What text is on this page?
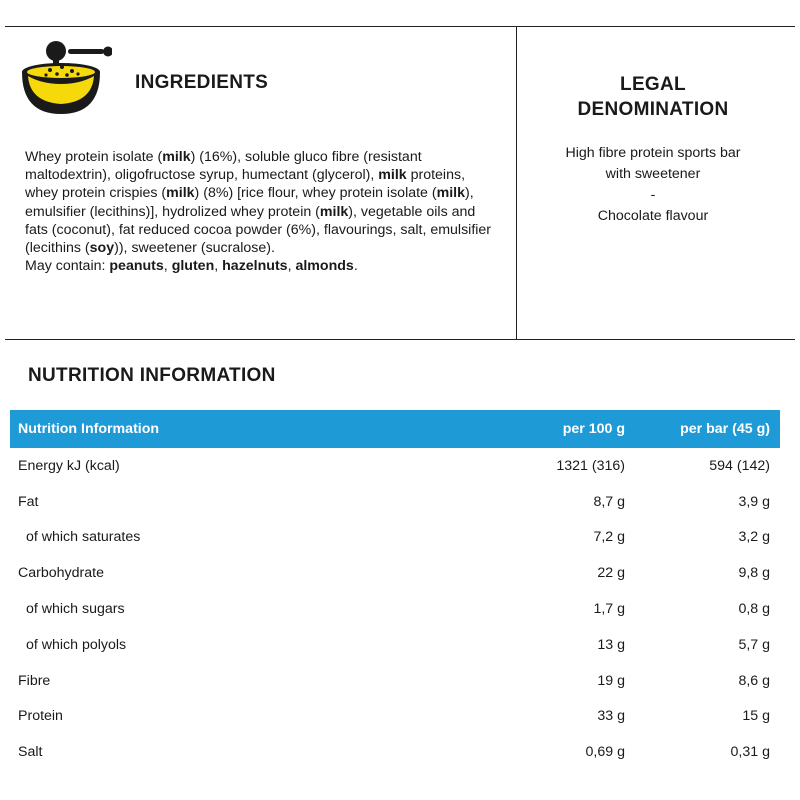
INGREDIENTS
Whey protein isolate (milk) (16%), soluble gluco fibre (resistant maltodextrin), oligofructose syrup, humectant (glycerol), milk proteins, whey protein crispies (milk) (8%) [rice flour, whey protein isolate (milk), emulsifier (lecithins)], hydrolized whey protein (milk), vegetable oils and fats (coconut), fat reduced cocoa powder (6%), flavourings, salt, emulsifier (lecithins (soy)), sweetener (sucralose).
May contain: peanuts, gluten, hazelnuts, almonds.
LEGAL
DENOMINATION
High fibre protein sports bar
with sweetener
-
Chocolate flavour
NUTRITION INFORMATION
Nutrition Information	per 100 g	per bar (45 g)
Energy kJ (kcal)	1321 (316)	594 (142)
Fat	8,7 g	3,9 g
of which saturates	7,2 g	3,2 g
Carbohydrate	22 g	9,8 g
of which sugars	1,7 g	0,8 g
of which polyols	13 g	5,7 g
Fibre	19 g	8,6 g
Protein	33 g	15 g
Salt	0,69 g	0,31 g
